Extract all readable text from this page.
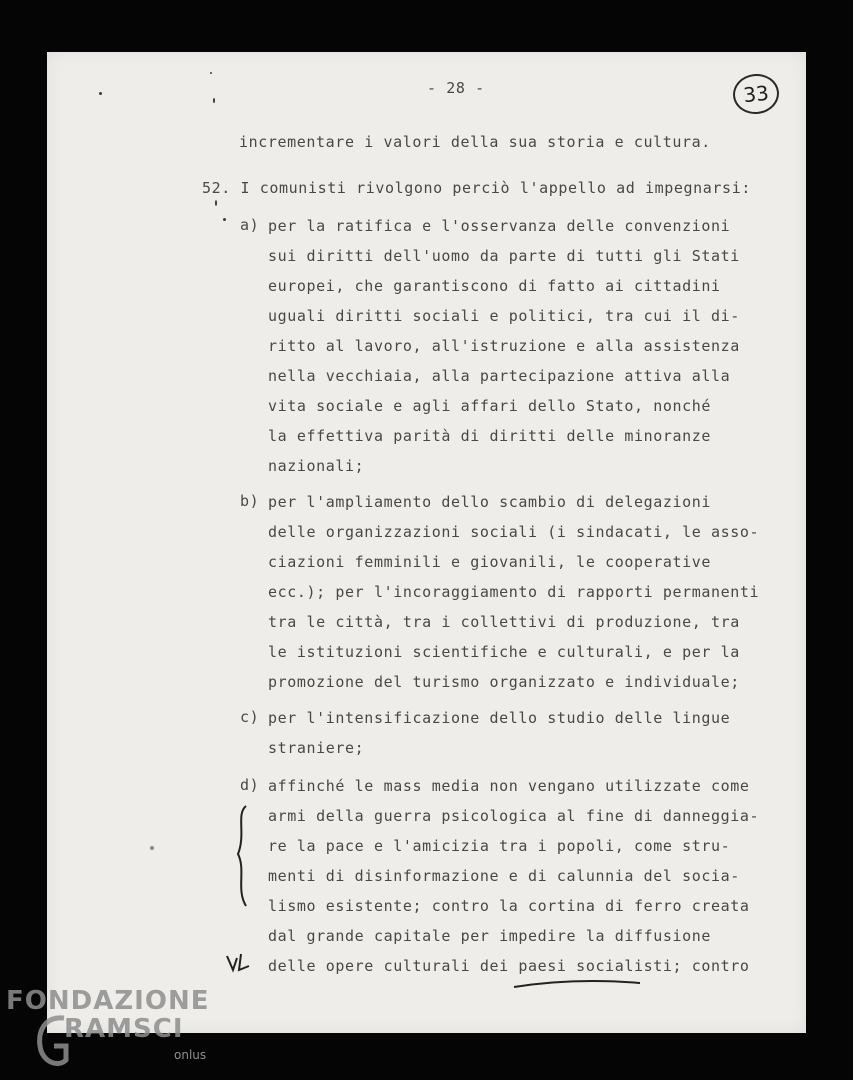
- 28 -	33
incrementare i valori della sua storia e cultura.
52. I comunisti rivolgono perciò l'appello ad impegnarsi:
a) per la ratifica e l'osservanza delle convenzioni
sui diritti dell'uomo da parte di tutti gli Stati
europei, che garantiscono di fatto ai cittadini
uguali diritti sociali e politici, tra cui il di-
ritto al lavoro, all'istruzione e alla assistenza
nella vecchiaia, alla partecipazione attiva alla
vita sociale e agli affari dello Stato, nonché
la effettiva parità di diritti delle minoranze
nazionali;
b) per l'ampliamento dello scambio di delegazioni
delle organizzazioni sociali (i sindacati, le asso-
ciazioni femminili e giovanili, le cooperative
ecc.); per l'incoraggiamento di rapporti permanenti
tra le città, tra i collettivi di produzione, tra
le istituzioni scientifiche e culturali, e per la
promozione del turismo organizzato e individuale;
c) per l'intensificazione dello studio delle lingue
straniere;
d) affinché le mass media non vengano utilizzate come
armi della guerra psicologica al fine di danneggia-
re la pace e l'amicizia tra i popoli, come stru-
menti di disinformazione e di calunnia del socia-
lismo esistente; contro la cortina di ferro creata
dal grande capitale per impedire la diffusione
delle opere culturali dei paesi socialisti; contro
FONDAZIONE
RAMSCI
onlus
